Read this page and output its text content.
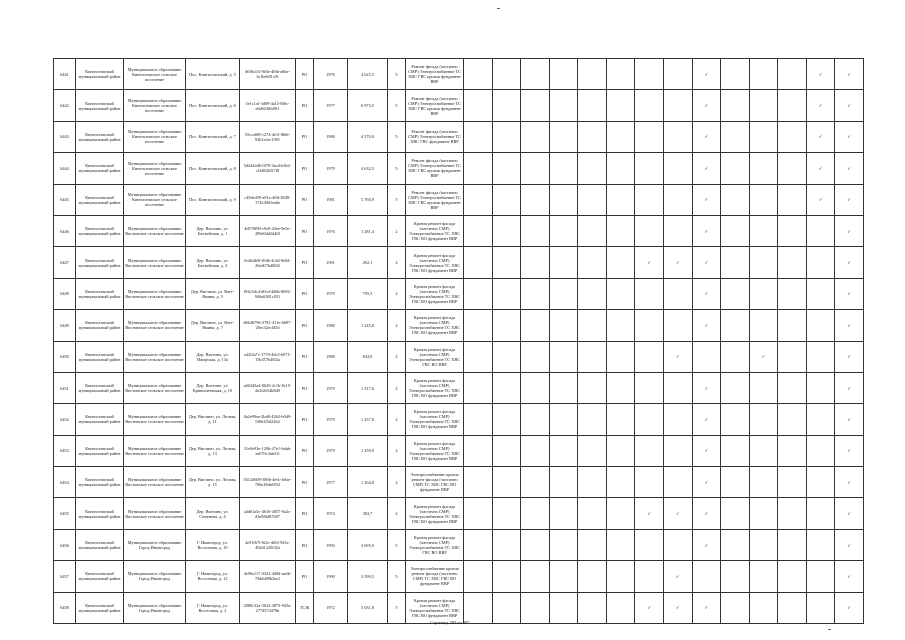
6441	Кингисеппский муниципальный район	Муниципальное образование Кингисеппское сельское поселение	Пос. Кингисеппский, д. 5	d0f0a11f-0f0a-4f6b-a6be-1e1be681c01	РО	1976	4 625,5	5	Ремонт фасада (частично СМР) Электроснабжение ТС ХВС ГВС кровля фундамент ВВР									✓				✓	✓
6442	Кингисеппский муниципальный район	Муниципальное образование Кингисеппское сельское поселение	Пос. Кингисеппский, д. 6	3e1c1af-3d09-4a15-8f6c-e6d6240fd9f1	РО	1977	6 973,5	5	Ремонт фасада (частично СМР) Электроснабжение ТС ХВС ГВС кровля фундамент ВВР									✓				✓	✓
6443	Кингисеппский муниципальный район	Муниципальное образование Кингисеппское сельское поселение	Пос. Кингисеппский, д. 7	55cca0f8-c274-4e1f-8b0f-93b1e2ec1901	РО	1986	4 570,0	5	Ремонт фасада (частично СМР) Электроснабжение ТС ХВС ГВС фундамент ВВР									✓				✓	✓
6444	Кингисеппский муниципальный район	Муниципальное образование Кингисеппское сельское поселение	Пос. Кингисеппский, д. 8	5d2d4446-0f70-4ac4-b3b2-cf3d82b5f7f8	РО	1979	4 632,5	5	Ремонт фасада (частично СМР) Электроснабжение ТС ХВС ГВС кровля фундамент ВВР									✓				✓	✓
6445	Кингисеппский муниципальный район	Муниципальное образование Кингисеппское сельское поселение	Пос. Кингисеппский, д. 9	c49de439-a91a-4f6f-8249-174249d1ea6e	РО	1981	5 760,9	5	Ремонт фасада (частично СМР) Электроснабжение ТС ХВС ГВС кровля фундамент ВВР									✓				✓	✓
6446	Кингисеппский муниципальный район	Муниципальное образование Вистинское сельское поселение	Дер. Вистино, ул. Балтийская, д. 1	4d578f90-c9e9-43ee-9e5e-289a9dd2d40f	РО	1976	1 281,4	2	Кровля ремонт фасада (частично СМР) Электроснабжение ТС ХВС ГВС ВО фундамент ВВР									✓					✓
6447	Кингисеппский муниципальный район	Муниципальное образование Вистинское сельское поселение	Дер. Вистино, ул. Балтийская, д. 2	0cd6db9f-f0db-4c3d-9e0d-20ed07bd0f02	РО	1991	492,1	2	Кровля ремонт фасада (частично СМР) Электроснабжение ТС ХВС ГВС ВО фундамент ВВР							✓	✓	✓					✓
6448	Кингисеппский муниципальный район	Муниципальное образование Вистинское сельское поселение	Дер. Вистино, ул. Ватт-Ямина, д. 5	f94c5dc4-d0cd-4d6b-8692-946a6381c031	РО	1979	795,5	2	Кровля ремонт фасада (частично СМР) Электроснабжение ТС ХВС ГВС ВО фундамент ВВР									✓					✓
6449	Кингисеппский муниципальный район	Муниципальное образование Вистинское сельское поселение	Дер. Вистино, ул. Ватт-Ямина, д. 7	d6646796-3781-411e-b687-28ec32ecfd5d	РО	1980	1 245,8	2	Кровля ремонт фасада (частично СМР) Электроснабжение ТС ХВС ГВС ВО фундамент ВВР									✓					✓
6450	Кингисеппский муниципальный район	Муниципальное образование Вистинское сельское поселение	Дер. Вистино, ул. Ижорская, д. 13а	a42f2a7c-1770-4dc5-b971-15b357b40f2a	РО	1988	844,9	2	Кровля ремонт фасада (частично СМР) Электроснабжение ТС ХВС ГВС ВО ВВР								✓			✓			✓
6451	Кингисеппский муниципальный район	Муниципальное образование Вистинское сельское поселение	Дер. Вистино, ул. Кривошеевская, д. 10	a463d5a4-8620-4c1b-8c15-de2f2e54b8d0	РО	1979	1 317,6	2	Кровля ремонт фасада (частично СМР) Электроснабжение ТС ХВС ГВС ВО фундамент ВВР									✓					✓
6452	Кингисеппский муниципальный район	Муниципальное образование Вистинское сельское поселение	Дер. Вистино, ул. Лесная, д. 11	0a2e99ae-2bd0-42b3-b0d9-9f0b2f5d2264	РО	1979	1 257,8	2	Кровля ремонт фасада (частично СМР) Электроснабжение ТС ХВС ГВС ВО фундамент ВВР									✓					✓
6453	Кингисеппский муниципальный район	Муниципальное образование Вистинское сельское поселение	Дер. Вистино, ул. Лесная, д. 13	31e0e93e-120b-47e1-bdab-ea070c3ab41f	РО	1979	1 259,9	2	Кровля ремонт фасада (частично СМР) Электроснабжение ТС ХВС ГВС ВО фундамент ВВР									✓					✓
6454	Кингисеппский муниципальный район	Муниципальное образование Вистинское сельское поселение	Дер. Вистино, ул. Лесная, д. 15	0312d609-380b-4e6c-b0ae-706a18da6932	РО	1977	1 264,8	2	Электроснабжение кровля ремонт фасада (частично СМР) ТС ХВС ГВС ВО фундамент ВВР									✓					✓
6455	Кингисеппский муниципальный район	Муниципальное образование Вистинское сельское поселение	Дер. Вистино, ул. Семенова, д. 4	a4d61a3c-4616-4057-9a2c-d3e9f6d87b97	РО	1974	383,7	2	Кровля ремонт фасада (частично СМР) Электроснабжение ТС ХВС ГВС ВО фундамент ВВР							✓	✓	✓					✓
6456	Кингисеппский муниципальный район	Муниципальное образование Город Ивангород	Г. Ивангород, ул. Восточная, д. 10	4e91f67f-6f2c-40f2-943c-494d1220f32a	РО	1993	3 695,9	5	Кровля ремонт фасада (частично СМР) Электроснабжение ТС ХВС ГВС ВО ВВР									✓					✓
6457	Кингисеппский муниципальный район	Муниципальное образование Город Ивангород	Г. Ивангород, ул. Восточная, д. 12	4e90a117-d322-4d9d-aa4b-70ddd49b3ea1	РО	1990	3 599,5	5	Электроснабжение кровля ремонт фасада (частично СМР) ТС ХВС ГВС ВО фундамент ВВР								✓						✓
6458	Кингисеппский муниципальный район	Муниципальное образование Город Ивангород	Г. Ивангород, ул. Восточная, д. 2	2880c32a-3632-4873-945a-2774574476b	ТСЖ	1972	3 031,8	5	Кровля ремонт фасада (частично СМР) Электроснабжение ТС ХВС ГВС ВО фундамент ВВР							✓	✓	✓					✓
Страница 383 из 887
